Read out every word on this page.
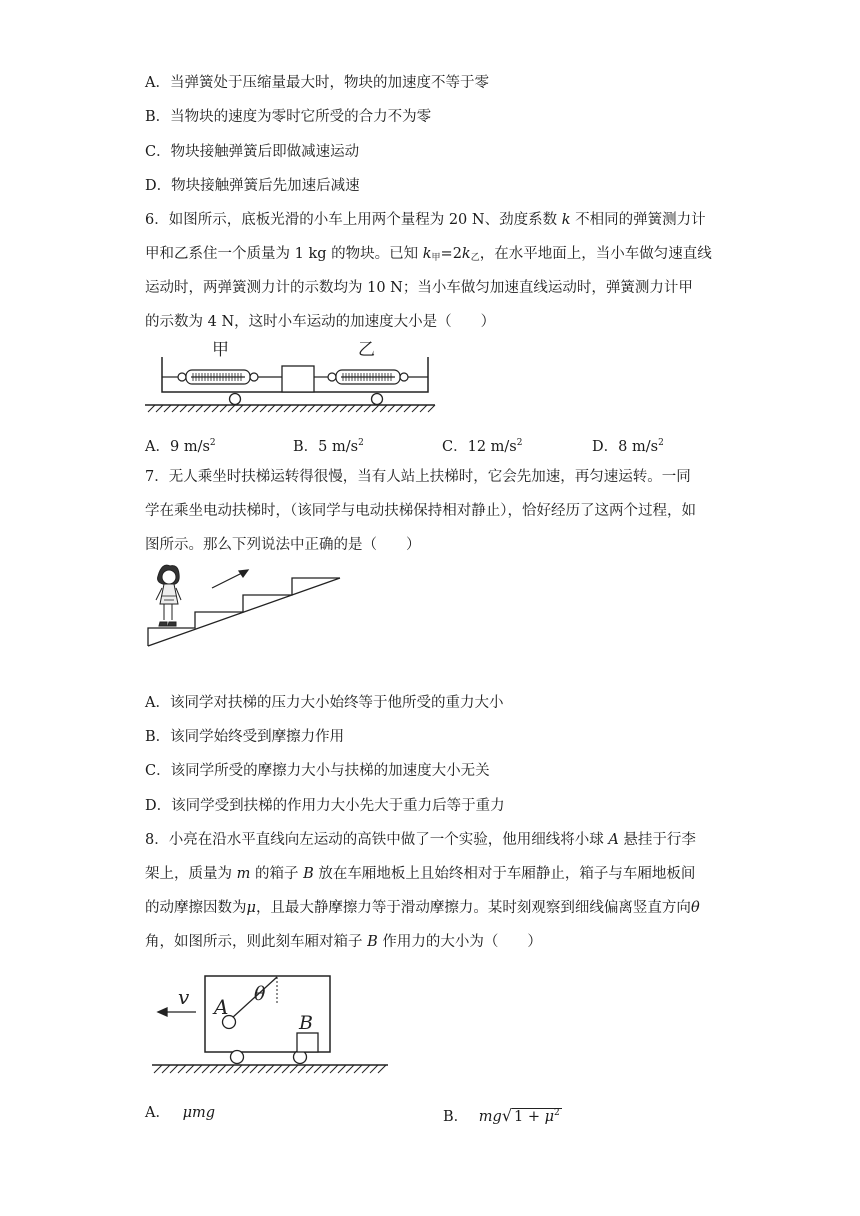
A．当弹簧处于压缩量最大时，物块的加速度不等于零
B．当物块的速度为零时它所受的合力不为零
C．物块接触弹簧后即做减速运动
D．物块接触弹簧后先加速后减速
6．如图所示，底板光滑的小车上用两个量程为 20 N、劲度系数 k 不相同的弹簧测力计
甲和乙系住一个质量为 1 kg 的物块。已知 $k_甲=2k_乙$，在水平地面上，当小车做匀速直线
运动时，两弹簧测力计的示数均为 10 N；当小车做匀加速直线运动时，弹簧测力计甲
的示数为 4 N，这时小车运动的加速度大小是（　　）
甲	乙
A．9 $m/s^2$	B．5 $m/s^2$	C．12 $m/s^2$	D．8 $m/s^2$
7．无人乘坐时扶梯运转得很慢，当有人站上扶梯时，它会先加速，再匀速运转。一同
学在乘坐电动扶梯时，（该同学与电动扶梯保持相对静止），恰好经历了这两个过程，如
图所示。那么下列说法中正确的是（　　）
A．该同学对扶梯的压力大小始终等于他所受的重力大小
B．该同学始终受到摩擦力作用
C．该同学所受的摩擦力大小与扶梯的加速度大小无关
D．该同学受到扶梯的作用力大小先大于重力后等于重力
8．小亮在沿水平直线向左运动的高铁中做了一个实验，他用细线将小球 A 悬挂于行李
架上，质量为 m 的箱子 B 放在车厢地板上且始终相对于车厢静止，箱子与车厢地板间
的动摩擦因数为μ，且最大静摩擦力等于滑动摩擦力。某时刻观察到细线偏离竖直方向θ
角，如图所示，则此刻车厢对箱子 B 作用力的大小为（　　）
v A
θ
B
A． μmg	B． mg√ $1 + \mu^2$
